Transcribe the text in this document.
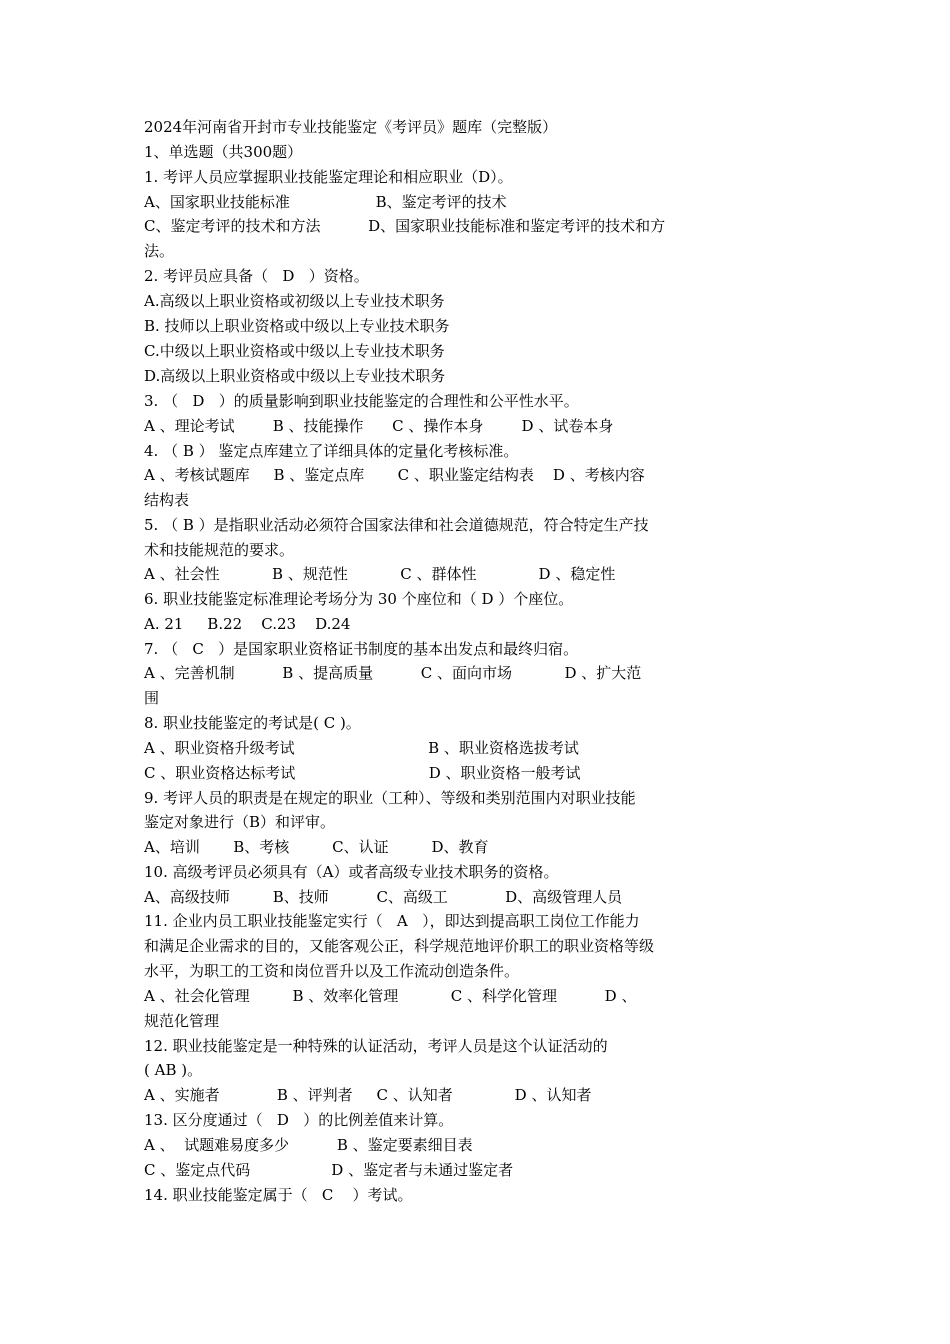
2024年河南省开封市专业技能鉴定《考评员》题库（完整版）
1、单选题（共300题）
1. 考评人员应掌握职业技能鉴定理论和相应职业（D）。
A、国家职业技能标准                  B、鉴定考评的技术
C、鉴定考评的技术和方法          D、国家职业技能标准和鉴定考评的技术和方
法。
2. 考评员应具备（   D   ）资格。
A.高级以上职业资格或初级以上专业技术职务
B. 技师以上职业资格或中级以上专业技术职务
C.中级以上职业资格或中级以上专业技术职务
D.高级以上职业资格或中级以上专业技术职务
3. （   D   ）的质量影响到职业技能鉴定的合理性和公平性水平。
A 、理论考试        B 、技能操作      C 、操作本身        D 、试卷本身
4. （ B ） 鉴定点库建立了详细具体的定量化考核标准。
A 、考核试题库     B 、鉴定点库       C 、职业鉴定结构表    D 、考核内容
结构表
5. （ B ）是指职业活动必须符合国家法律和社会道德规范，符合特定生产技
术和技能规范的要求。
A 、社会性           B 、规范性           C 、群体性             D 、稳定性
6. 职业技能鉴定标准理论考场分为 30 个座位和（ D ）个座位。
A. 21     B.22    C.23    D.24
7. （   C   ）是国家职业资格证书制度的基本出发点和最终归宿。
A 、完善机制          B 、提高质量          C 、面向市场           D 、扩大范
围
8. 职业技能鉴定的考试是( C )。
A 、职业资格升级考试                            B 、职业资格选拔考试
C 、职业资格达标考试                            D 、职业资格一般考试
9. 考评人员的职责是在规定的职业（工种）、等级和类别范围内对职业技能
鉴定对象进行（B）和评审。
A、培训       B、考核         C、认证         D、教育
10. 高级考评员必须具有（A）或者高级专业技术职务的资格。
A、高级技师         B、技师          C、高级工            D、高级管理人员
11. 企业内员工职业技能鉴定实行（   A   ），即达到提高职工岗位工作能力
和满足企业需求的目的，又能客观公正，科学规范地评价职工的职业资格等级
水平，为职工的工资和岗位晋升以及工作流动创造条件。
A 、社会化管理         B 、效率化管理           C 、科学化管理          D 、
规范化管理
12. 职业技能鉴定是一种特殊的认证活动，考评人员是这个认证活动的
( AB )。
A 、实施者            B 、评判者     C 、认知者             D 、认知者
13. 区分度通过（   D   ）的比例差值来计算。
A 、  试题难易度多少          B 、鉴定要素细目表
C 、鉴定点代码                 D 、鉴定者与未通过鉴定者
14. 职业技能鉴定属于（   C    ）考试。
